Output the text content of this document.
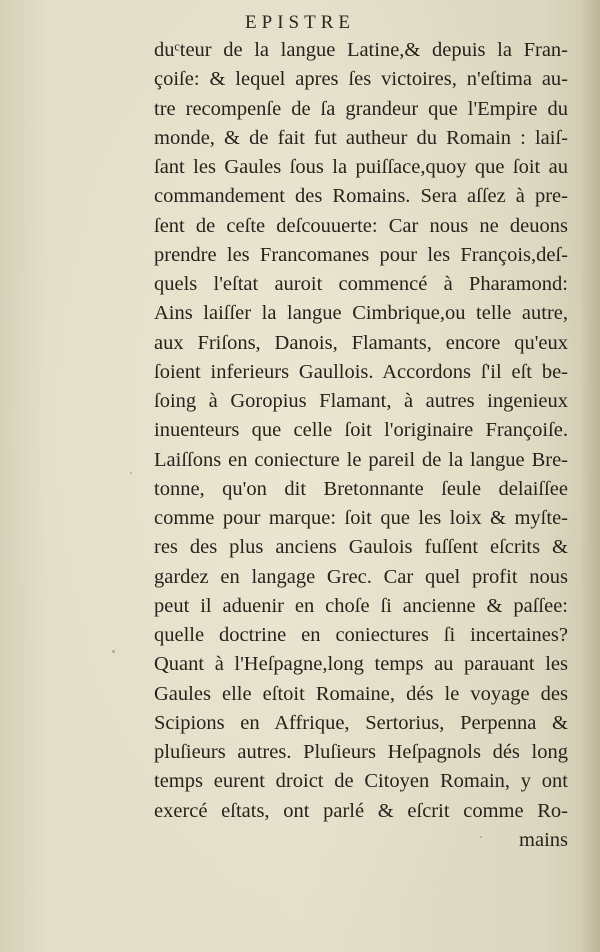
EPISTRE
duᶜteur de la langue Latine,& depuis la Fran-
çoiſe: & lequel apres ſes victoires, n'eſtima au-
tre recompenſe de ſa grandeur que l'Empire du
monde, & de fait fut autheur du Romain : laiſ-
ſant les Gaules ſous la puiſſace,quoy que ſoit au
commandement des Romains. Sera aſſez à pre-
ſent de ceſte deſcouuerte: Car nous ne deuons
prendre les Francomanes pour les François,deſ-
quels l'eſtat auroit commencé à Pharamond:
Ains laiſſer la langue Cimbrique,ou telle autre,
aux Friſons, Danois, Flamants, encore qu'eux
ſoient inferieurs Gaullois. Accordons ſ'il eſt be-
ſoing à Goropius Flamant, à autres ingenieux
inuenteurs que celle ſoit l'originaire Françoiſe.
Laiſſons en coniecture le pareil de la langue Bre-
tonne, qu'on dit Bretonnante ſeule delaiſſee
comme pour marque: ſoit que les loix & myſte-
res des plus anciens Gaulois fuſſent eſcrits &
gardez en langage Grec. Car quel profit nous
peut il aduenir en choſe ſi ancienne & paſſee:
quelle doctrine en coniectures ſi incertaines?
Quant à l'Heſpagne,long temps au parauant les
Gaules elle eſtoit Romaine, dés le voyage des
Scipions en Affrique, Sertorius, Perpenna &
pluſieurs autres. Pluſieurs Heſpagnols dés long
temps eurent droict de Citoyen Romain, y ont
exercé eſtats, ont parlé & eſcrit comme Ro-
mains
